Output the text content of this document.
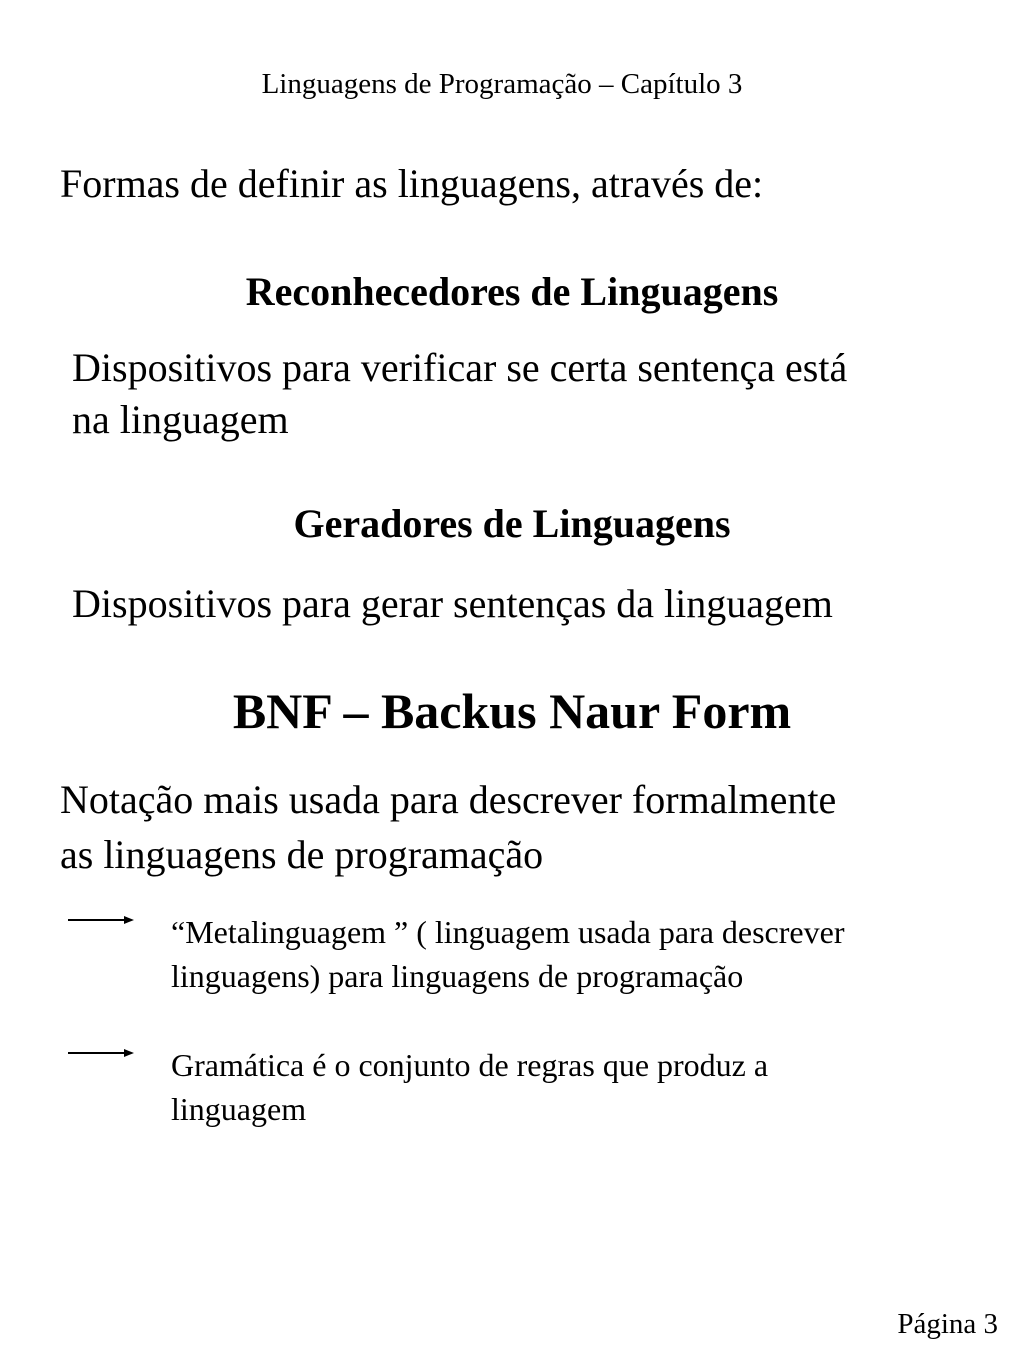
Linguagens de Programação – Capítulo 3
Formas de definir as linguagens, através de:
Reconhecedores de Linguagens
Dispositivos para verificar se certa sentença está
na linguagem
Geradores de Linguagens
Dispositivos para gerar sentenças da linguagem
BNF – Backus Naur Form
Notação mais usada para descrever formalmente
as linguagens de programação
“Metalinguagem ” ( linguagem usada para descrever
linguagens) para linguagens de programação
Gramática é o conjunto de regras que produz a
linguagem
Página 3
